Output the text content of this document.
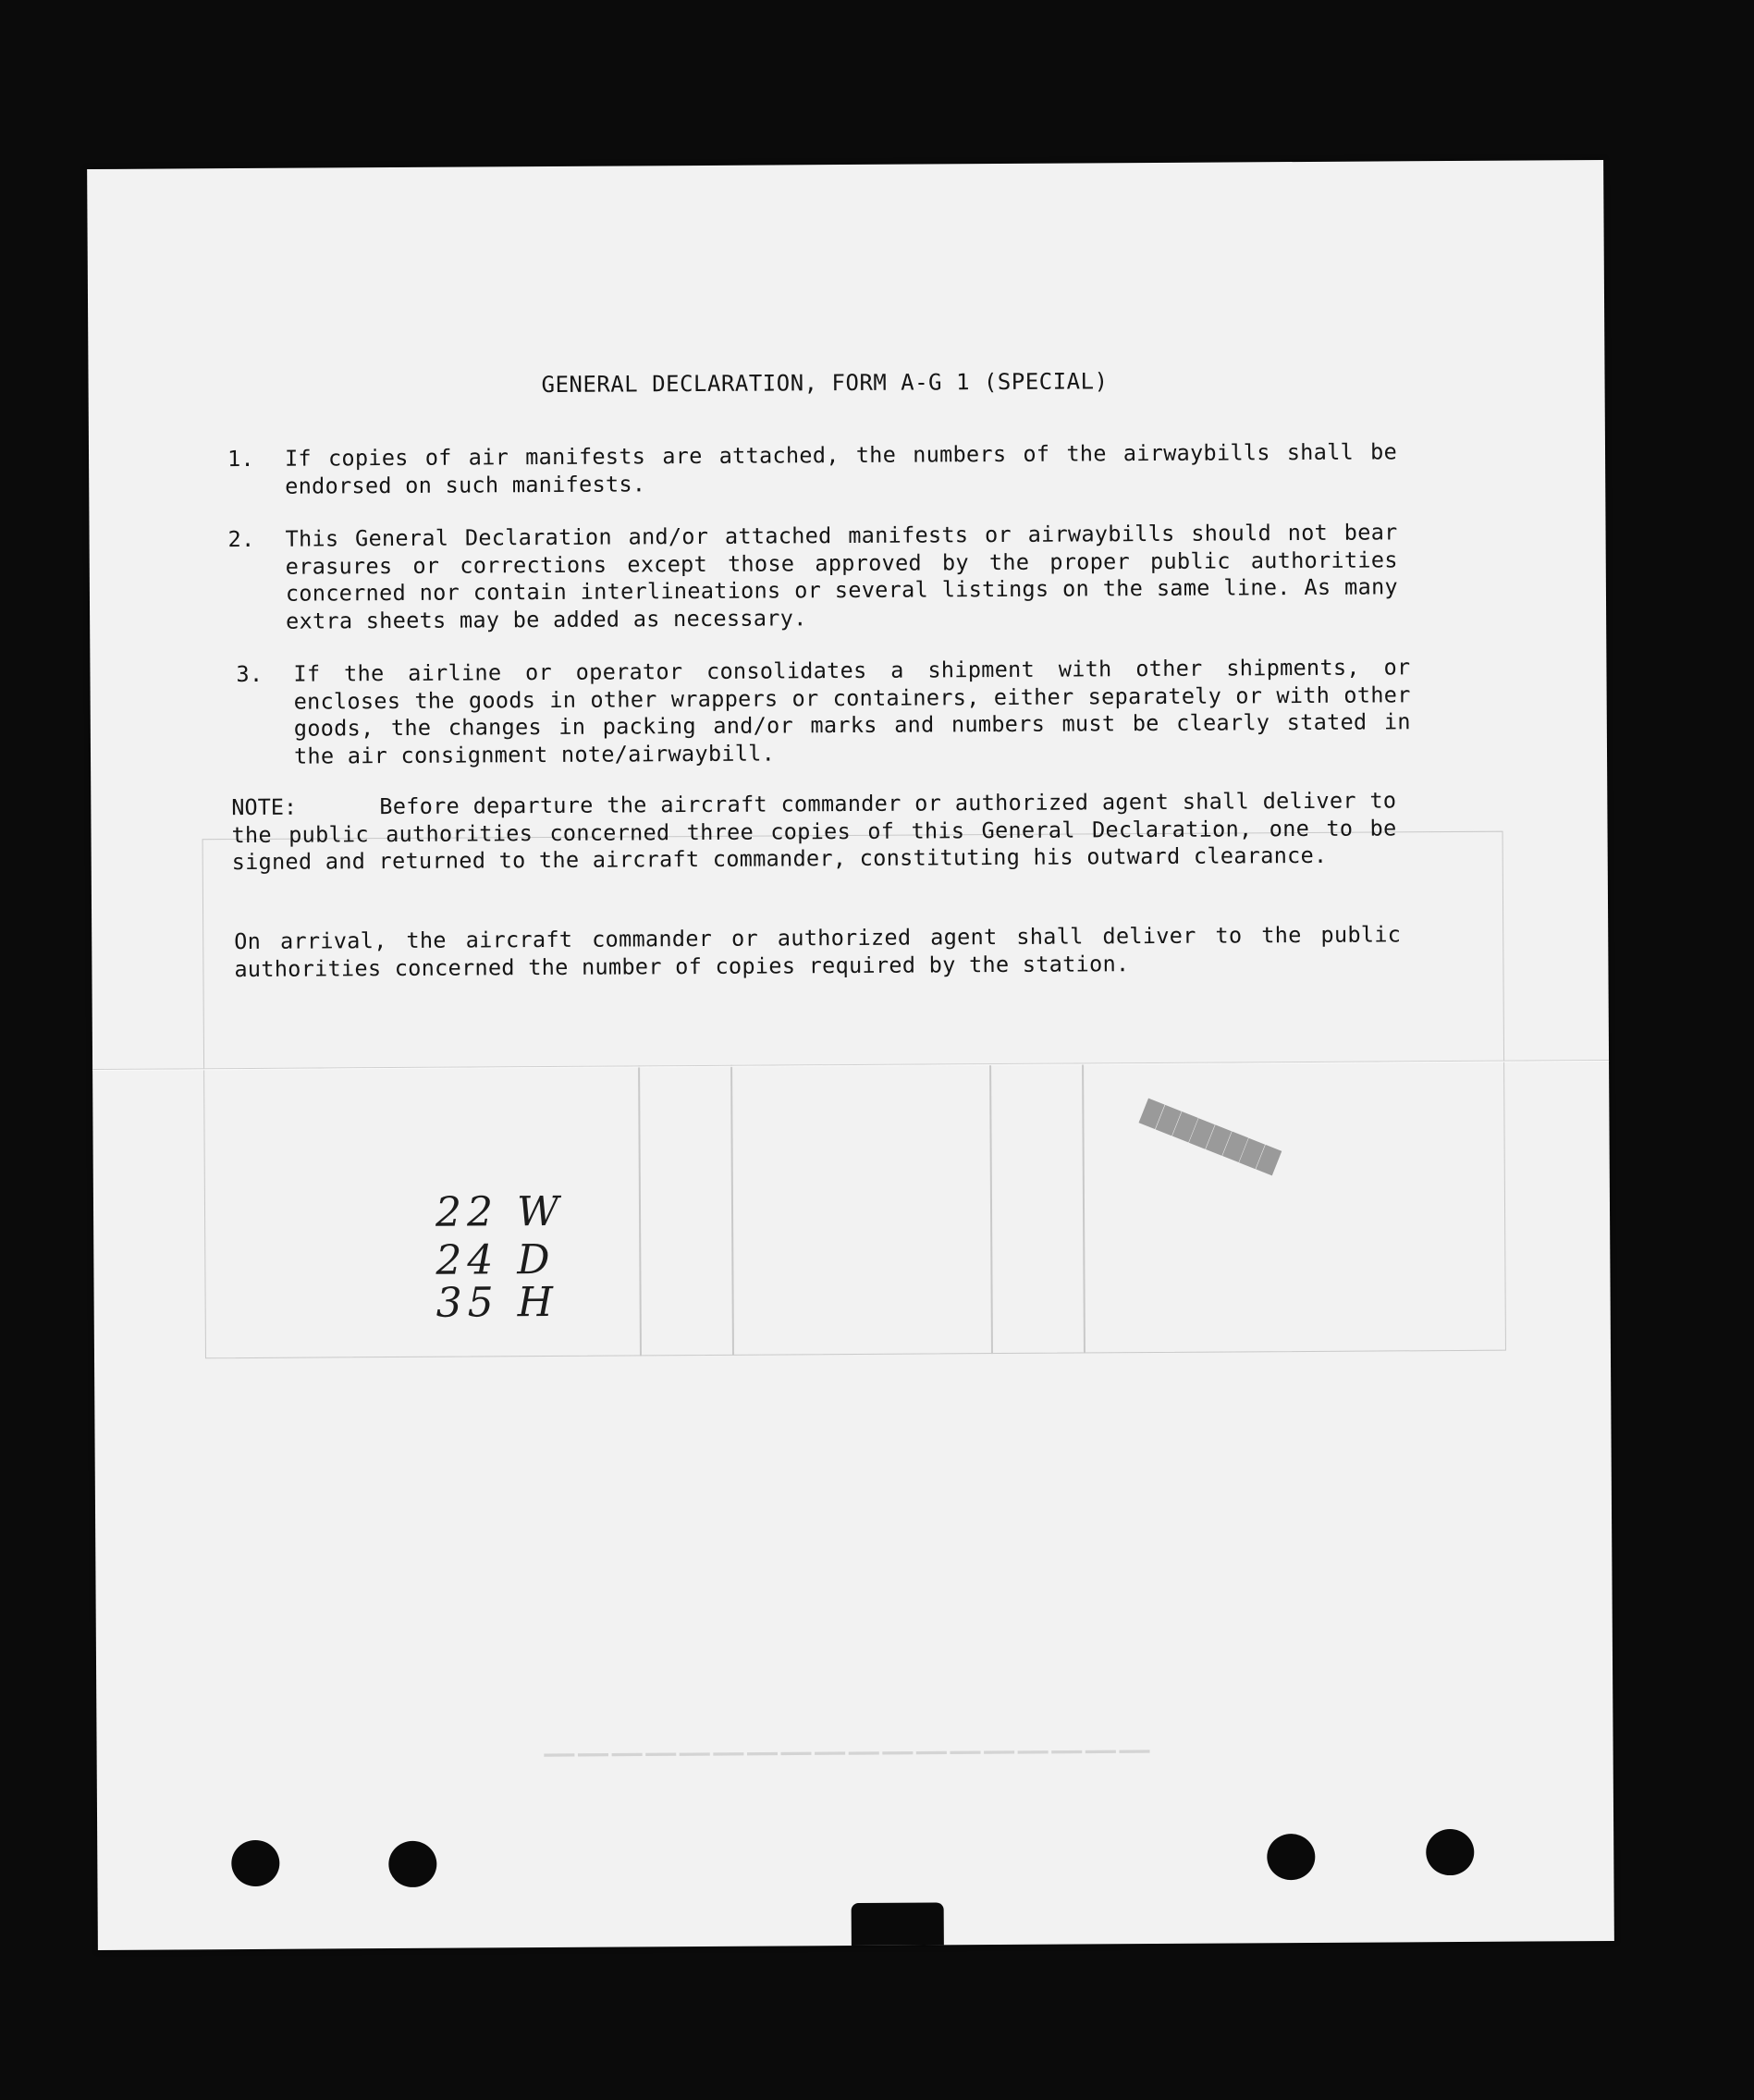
──────────────────
GENERAL DECLARATION, FORM A-G 1 (SPECIAL)
1. If copies of air manifests are attached, the numbers of the airwaybills shall be endorsed on such manifests.
2. This General Declaration and/or attached manifests or airwaybills should not bear erasures or corrections except those approved by the proper public authorities concerned nor contain interlineations or several listings on the same line. As many extra sheets may be added as necessary.
3. If the airline or operator consolidates a shipment with other shipments, or encloses the goods in other wrappers or containers, either separately or with other goods, the changes in packing and/or marks and numbers must be clearly stated in the air consignment note/airwaybill.
NOTE:	Before departure the aircraft commander or authorized agent shall deliver to the public authorities concerned three copies of this General Declaration, one to be signed and returned to the aircraft commander, constituting his outward clearance.
On arrival, the aircraft commander or authorized agent shall deliver to the public authorities concerned the number of copies required by the station.
22 W
24 D
35 H
████████
